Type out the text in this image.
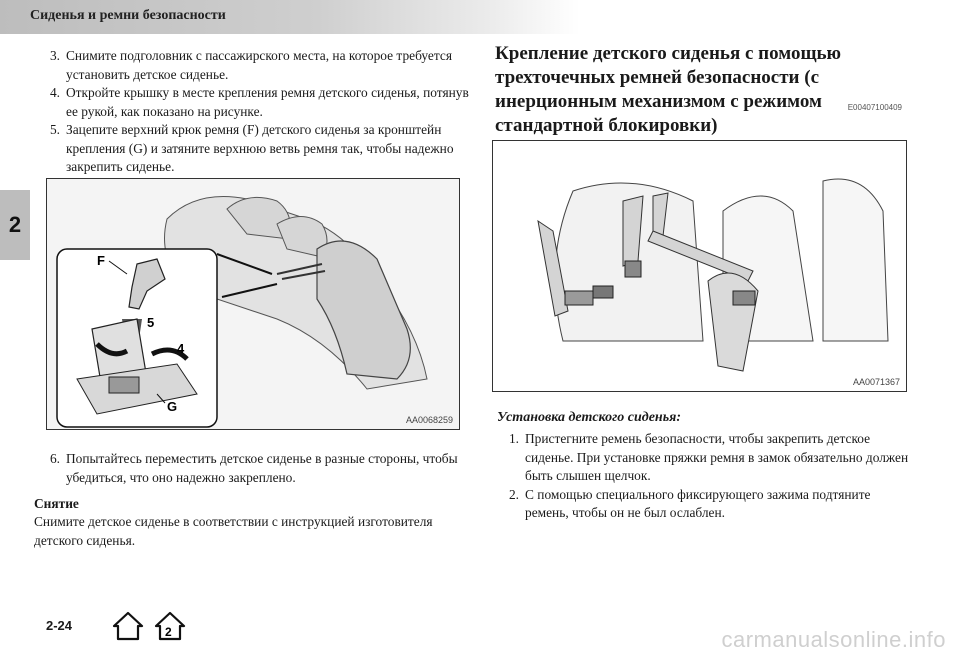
Сиденья и ремни безопасности
2
3. Снимите подголовник с пассажирского места, на которое требуется установить детское сиденье.
4. Откройте крышку в месте крепления ремня детского сиденья, потянув ее рукой, как показано на рисунке.
5. Зацепите верхний крюк ремня (F) детского сиденья за кронштейн крепления (G) и затяните верхнюю ветвь ремня так, чтобы надежно закрепить сиденье.
F
5
4
G
AA0068259
6. Попытайтесь переместить детское сиденье в разные стороны, чтобы убедиться, что оно надежно закреплено.
Снятие
Снимите детское сиденье в соответствии с инструкцией изготовителя детского сиденья.
Крепление детского сиденья с помощью трехточечных ремней безопасности (с инерционным механизмом с режимом стандартной блокировки)
E00407100409
AA0071367
Установка детского сиденья:
1. Пристегните ремень безопасности, чтобы закрепить детское сиденье. При установке пряжки ремня в замок обязательно должен быть слышен щелчок.
2. С помощью специального фиксирующего зажима подтяните ремень, чтобы он не был ослаблен.
2-24	2	carmanualsonline.info
